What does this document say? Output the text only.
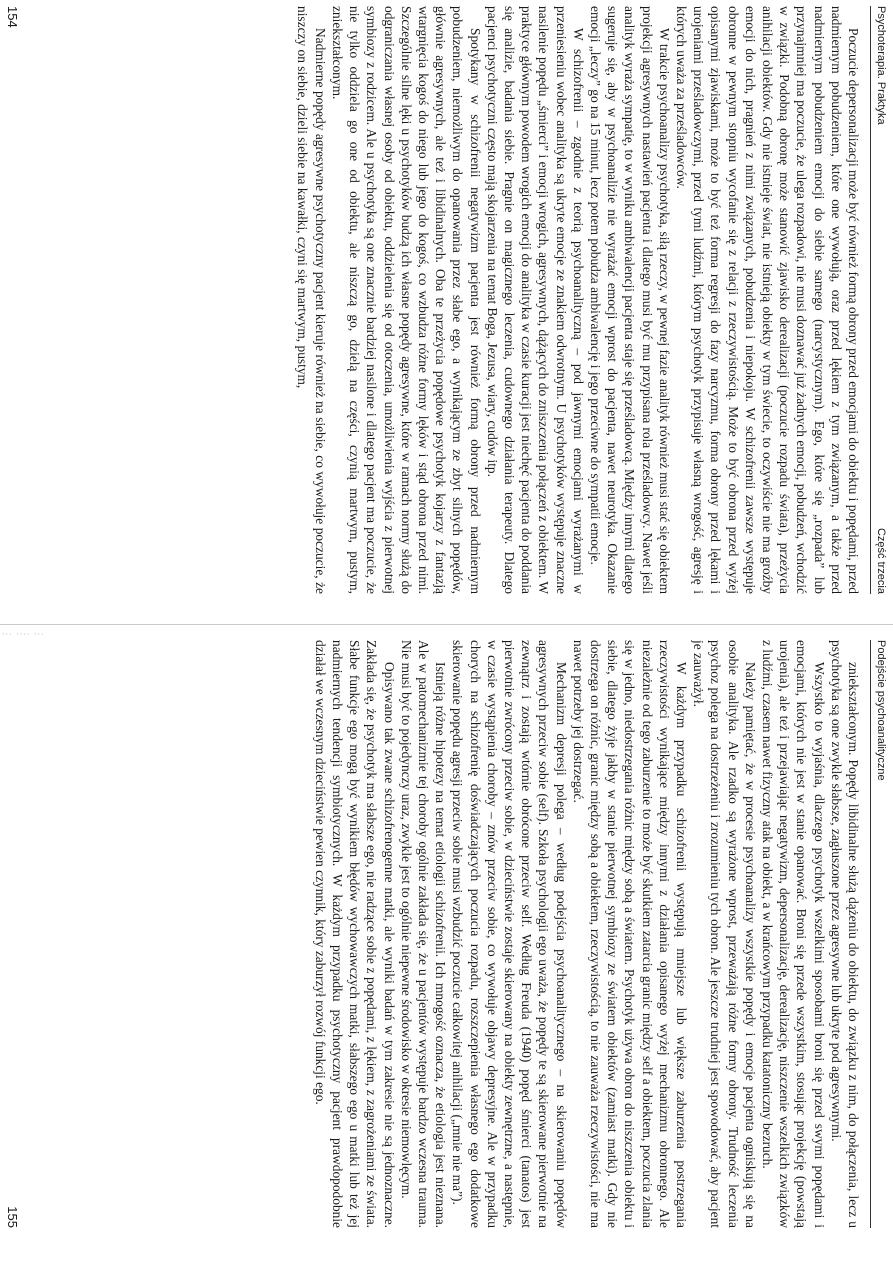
··· ···· ···
Psychoterapia. Praktyka
Część trzecia

Poczucie depersonalizacji może być również formą obrony przed emocjami do obiektu i popędami, przed nadmiernym pobudzeniem, które one wywołują, oraz przed lękiem z tym związanym, a także przed nadmiernym pobudzeniem emocji do siebie samego (narcystycznym). Ego, które się „rozpada” lub przynajmniej ma poczucie, że ulega rozpadowi, nie musi doznawać już żadnych emocji, pobudzeń, wchodzić w związki. Podobną obronę może stanowić zjawisko derealizacji (poczucie rozpadu świata), przeżycia anihilacji obiektów. Gdy nie istnieje świat, nie istnieją obiekty w tym świecie, to oczywiście nie ma groźby emocji do nich, pragnień z nimi związanych, pobudzenia i niepokoju. W schizofrenii zawsze występuje obronne w pewnym stopniu wycofanie się z relacji z rzeczywistością. Może to być obrona przed wyżej opisanymi zjawiskami, może to być też forma regresji do fazy narcyzmu, forma obrony przed lękami i urojeniami prześladowczymi, przed tymi ludźmi, którym psychotyk przypisuje własną wrogość, agresję i których uważa za prześladowców.

W trakcie psychoanalizy psychotyka, siłą rzeczy, w pewnej fazie analityk również musi stać się obiektem projekcji agresywnych nastawień pacjenta i dlatego musi być mu przypisana rola prześladowcy. Nawet jeśli analityk wyraża sympatię, to w wyniku ambiwalencji pacjenta staje się prześladowcą. Między innymi dlatego sugeruje się, aby w psychoanalizie nie wyrażać emocji wprost do pacjenta, nawet neurotyka. Okazanie emocji „leczy” go na 15 minut, lecz potem pobudza ambiwalencję i jego przeciwne do sympatii emocje.

W schizofrenii – zgodnie z teorią psychoanalityczną – pod jawnymi emocjami wyrażanymi w przeniesieniu wobec analityka są ukryte emocje ze znakiem odwrotnym. U psychotyków występuje znaczne nasilenie popędu „śmierci” i emocji wrogich, agresywnych, dążących do zniszczenia połączeń z obiektem. W praktyce głównym powodem wrogich emocji do analityka w czasie kuracji jest niechęć pacjenta do poddania się analizie, badania siebie. Pragnie on magicznego leczenia, cudownego działania terapeuty. Dlatego pacjenci psychotyczni często mają skojarzenia na temat Boga, Jezusa, wiary, cudów itp.

Spotykany w schizofrenii negatywizm pacjenta jest również formą obrony przed nadmiernym pobudzeniem, niemożliwym do opanowania przez słabe ego, a wynikającym ze zbyt silnych popędów, głównie agresywnych, ale też i libidinalnych. Oba te przeżycia popędowe psychotyk kojarzy z fantazją wtargnięcia kogoś do niego lub jego do kogoś, co wzbudza różne formy lęków i stąd obrona przed nimi. Szczególnie silne lęki u psychotyków budzą ich własne popędy agresywne, które w ramach normy służą do odgraniczania własnej osoby od obiektu, oddzielenia się od otoczenia, umożliwienia wyjścia z pierwotnej symbiozy z rodzicem. Ale u psychotyka są one znacznie bardziej nasilone i dlatego pacjent ma poczucie, że nie tylko oddziela go one od obiektu, ale niszczą go, dzielą na części, czynią martwym, pustym, zniekształconym.

Nadmierne popędy agresywne psychotyczny pacjent kieruje również na siebie, co wywołuje poczucie, że niszczy on siebie, dzieli siebie na kawałki, czyni się martwym, pustym,

154
Podejście psychoanalityczne

zniekształconym. Popędy libidinalne służą dążeniu do obiektu, do związku z nim, do połączenia, lecz u psychotyka są one zwykle słabsze, zagłuszone przez agresywne lub ukryte pod agresywnymi.

Wszystko to wyjaśnia, dlaczego psychotyk wszelkimi sposobami broni się przed swymi popędami i emocjami, których nie jest w stanie opanować. Broni się przede wszystkim, stosując projekcję (powstają urojenia), ale też i przejawiając negatywizm, depersonalizację, derealizację, niszczenie wszelkich związków z ludźmi, czasem nawet fizyczny atak na obiekt, a w krańcowym przypadku katatoniczny bezruch.

Należy pamiętać, że w procesie psychoanalizy wszystkie popędy i emocje pacjenta ogniskują się na osobie analityka. Ale rzadko są wyrażone wprost, przeważają różne formy obrony. Trudność leczenia psychoz polega na dostrzeżeniu i zrozumieniu tych obron. Ale jeszcze trudniej jest spowodować, aby pacjent je zauważył.

W każdym przypadku schizofrenii występują mniejsze lub większe zaburzenia postrzegania rzeczywistości wynikające między innymi z działania opisanego wyżej mechanizmu obronnego. Ale niezależnie od tego zaburzenie to może być skutkiem zatarcia granic między self a obiektem, poczucia zlania się w jedno, niedostrzegania różnic między sobą a światem. Psychotyk używa obron do niszczenia obiektu i siebie, dlatego żyje jakby w stanie pierwotnej symbiozy ze światem obiektów (zamiast matki). Gdy nie dostrzega on różnic, granic między sobą a obiektem, rzeczywistością, to nie zauważa rzeczywistości, nie ma nawet potrzeby jej dostrzegać.

Mechanizm depresji polega – według podejścia psychoanalitycznego – na skierowaniu popędów agresywnych przeciw sobie (self). Szkoła psychologii ego uważa, że popędy te są skierowane pierwotnie na zewnątrz i zostają wtórnie obrócone przeciw self. Według Freuda (1940) popęd śmierci (tanatos) jest pierwotnie zwrócony przeciw sobie, w dzieciństwie zostaje skierowany na obiekty zewnętrzne, a następnie, w czasie wystąpienia choroby – znów przeciw sobie, co wywołuje objawy depresyjne. Ale w przypadku chorych na schizofrenię doświadczających poczucia rozpadu, rozszczepienia własnego ego dodatkowe skierowanie popędu agresji przeciw sobie musi wzbudzić poczucie całkowitej anihilacji („mnie nie ma”).

Istnieją różne hipotezy na temat etiologii schizofrenii. Ich mnogość oznacza, że etiologia jest nieznana. Ale w patomechanizmie tej choroby ogólnie zakłada się, że u pacjentów występuje bardzo wczesna trauma. Nie musi być to pojedynczy uraz, zwykle jest to ogólnie niepewne środowisko w okresie niemowlęcym.

Opisywano tak zwane schizofrenogenne matki, ale wyniki badań w tym zakresie nie są jednoznaczne. Zakłada się, że psychotyk ma słabsze ego, nie radzące sobie z popędami, z lękiem, z zagrożeniami ze świata. Słabe funkcje ego mogą być wynikiem błędów wychowawczych matki, słabszego ego u matki lub też jej nadmiernych tendencji symbiotycznych. W każdym przypadku psychotyczny pacjent prawdopodobnie działał we wczesnym dzieciństwie pewien czynnik, który zaburzył rozwój funkcji ego.

155
